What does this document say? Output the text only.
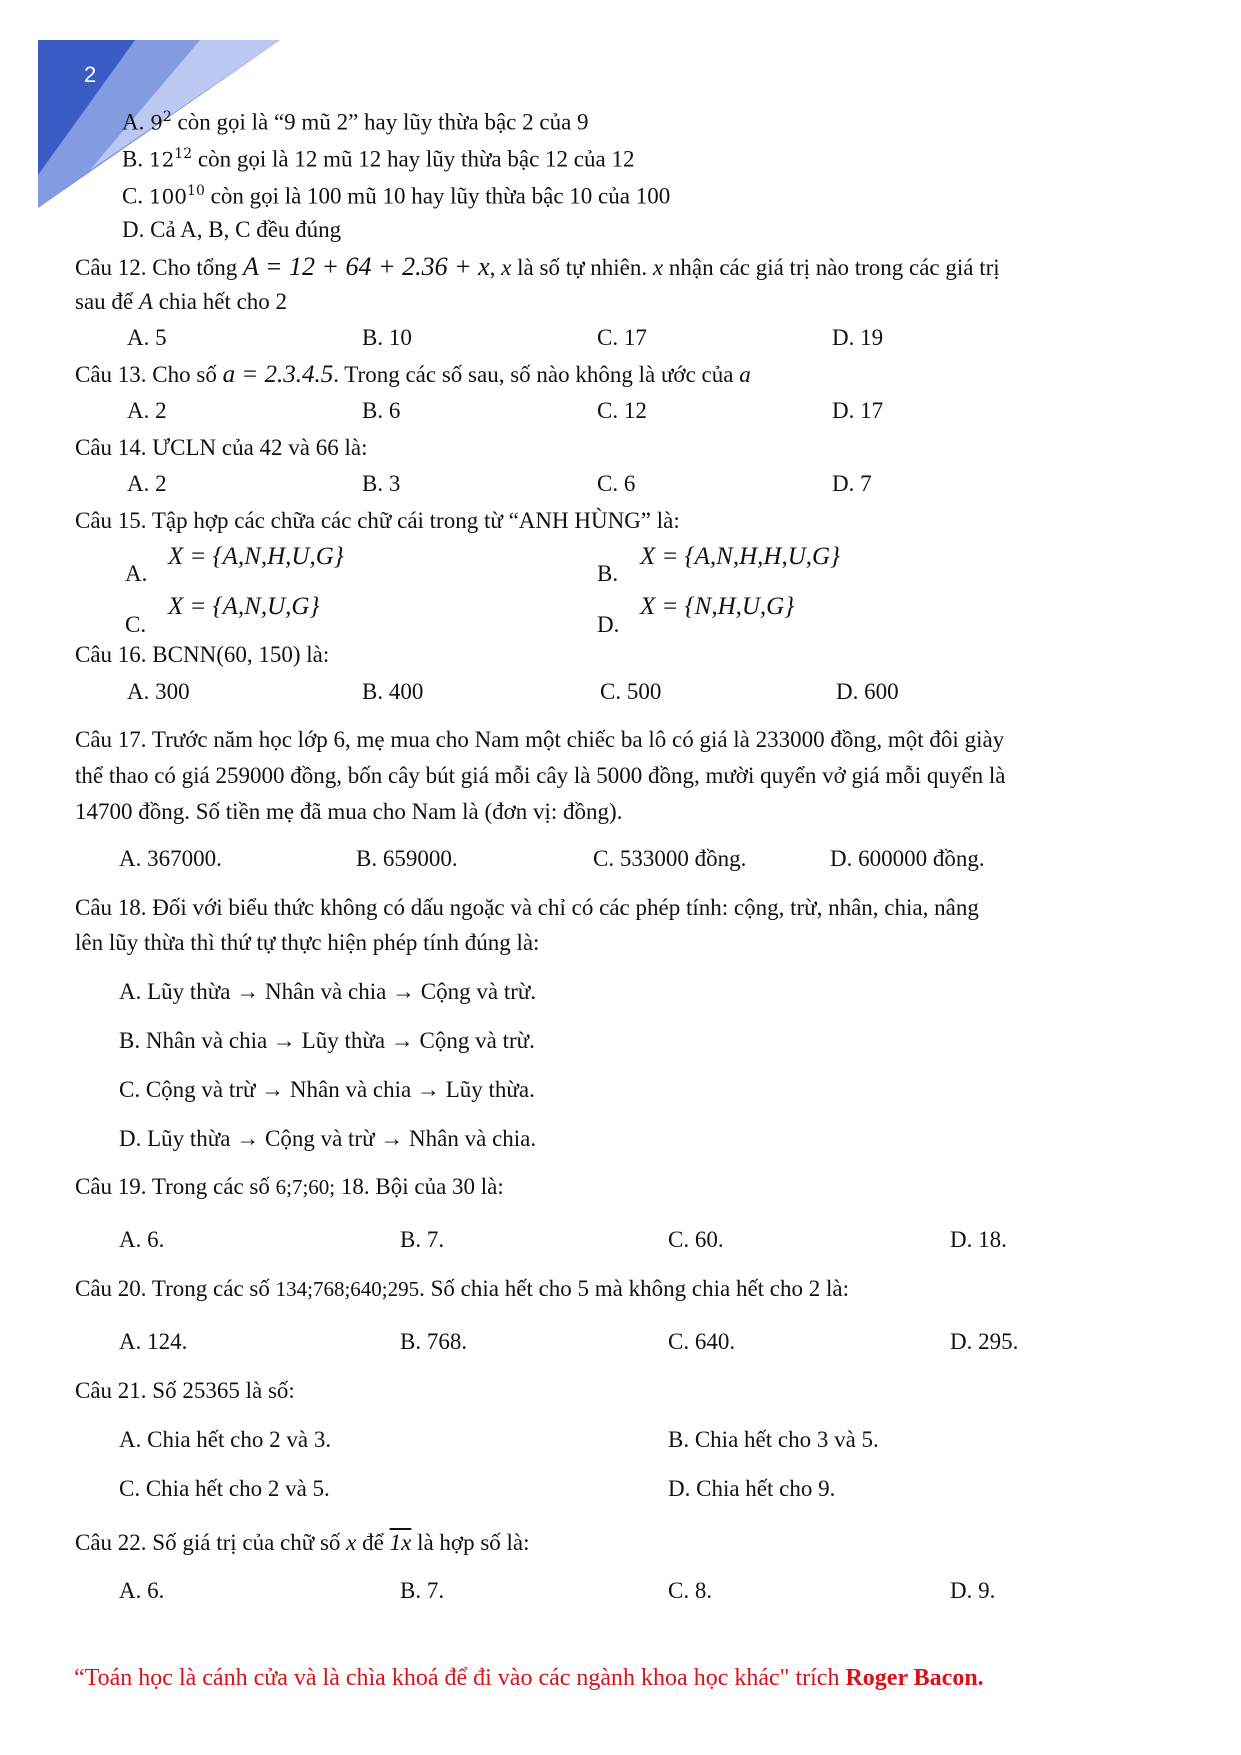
2
A. $9^2$ còn gọi là “9 mũ 2” hay lũy thừa bậc 2 của 9
B. $12^{12}$ còn gọi là 12 mũ 12 hay lũy thừa bậc 12 của 12
C. $100^{10}$ còn gọi là 100 mũ 10 hay lũy thừa bậc 10 của 100
D. Cả A, B, C đều đúng
Câu 12. Cho tổng A = 12 + 64 + 2.36 + x, x là số tự nhiên. x nhận các giá trị nào trong các giá trị
sau để A chia hết cho 2
A. 5	B. 10	C. 17	D. 19
Câu 13. Cho số a = 2.3.4.5. Trong các số sau, số nào không là ước của a
A. 2	B. 6	C. 12	D. 17
Câu 14. ƯCLN của 42 và 66 là:
A. 2	B. 3	C. 6	D. 7
Câu 15. Tập hợp các chữa các chữ cái trong từ “ANH HÙNG” là:
A.
X = {A,N,H,U,G}
B.
X = {A,N,H,H,U,G}
C.
X = {A,N,U,G}
D.
X = {N,H,U,G}
Câu 16. BCNN(60, 150) là:
A. 300	B. 400	C. 500	D. 600
Câu 17. Trước năm học lớp 6, mẹ mua cho Nam một chiếc ba lô có giá là 233000 đồng, một đôi giày
thể thao có giá 259000 đồng, bốn cây bút giá mỗi cây là 5000 đồng, mười quyển vở giá mỗi quyển là
14700 đồng. Số tiền mẹ đã mua cho Nam là (đơn vị: đồng).
A. 367000.	B. 659000.	C. 533000 đồng.	D. 600000 đồng.
Câu 18. Đối với biểu thức không có dấu ngoặc và chỉ có các phép tính: cộng, trừ, nhân, chia, nâng
lên lũy thừa thì thứ tự thực hiện phép tính đúng là:
A. Lũy thừa → Nhân và chia → Cộng và trừ.
B. Nhân và chia → Lũy thừa → Cộng và trừ.
C. Cộng và trừ → Nhân và chia → Lũy thừa.
D. Lũy thừa → Cộng và trừ → Nhân và chia.
Câu 19. Trong các số 6;7;60; 18. Bội của 30 là:
A. 6.	B. 7.	C. 60.	D. 18.
Câu 20. Trong các số 134;768;640;295. Số chia hết cho 5 mà không chia hết cho 2 là:
A. 124.	B. 768.	C. 640.	D. 295.
Câu 21. Số 25365 là số:
A. Chia hết cho 2 và 3.	B. Chia hết cho 3 và 5.
C. Chia hết cho 2 và 5.	D. Chia hết cho 9.
Câu 22. Số giá trị của chữ số x để 1x là hợp số là:
A. 6.	B. 7.	C. 8.	D. 9.
“Toán học là cánh cửa và là chìa khoá để đi vào các ngành khoa học khác" trích Roger Bacon.
